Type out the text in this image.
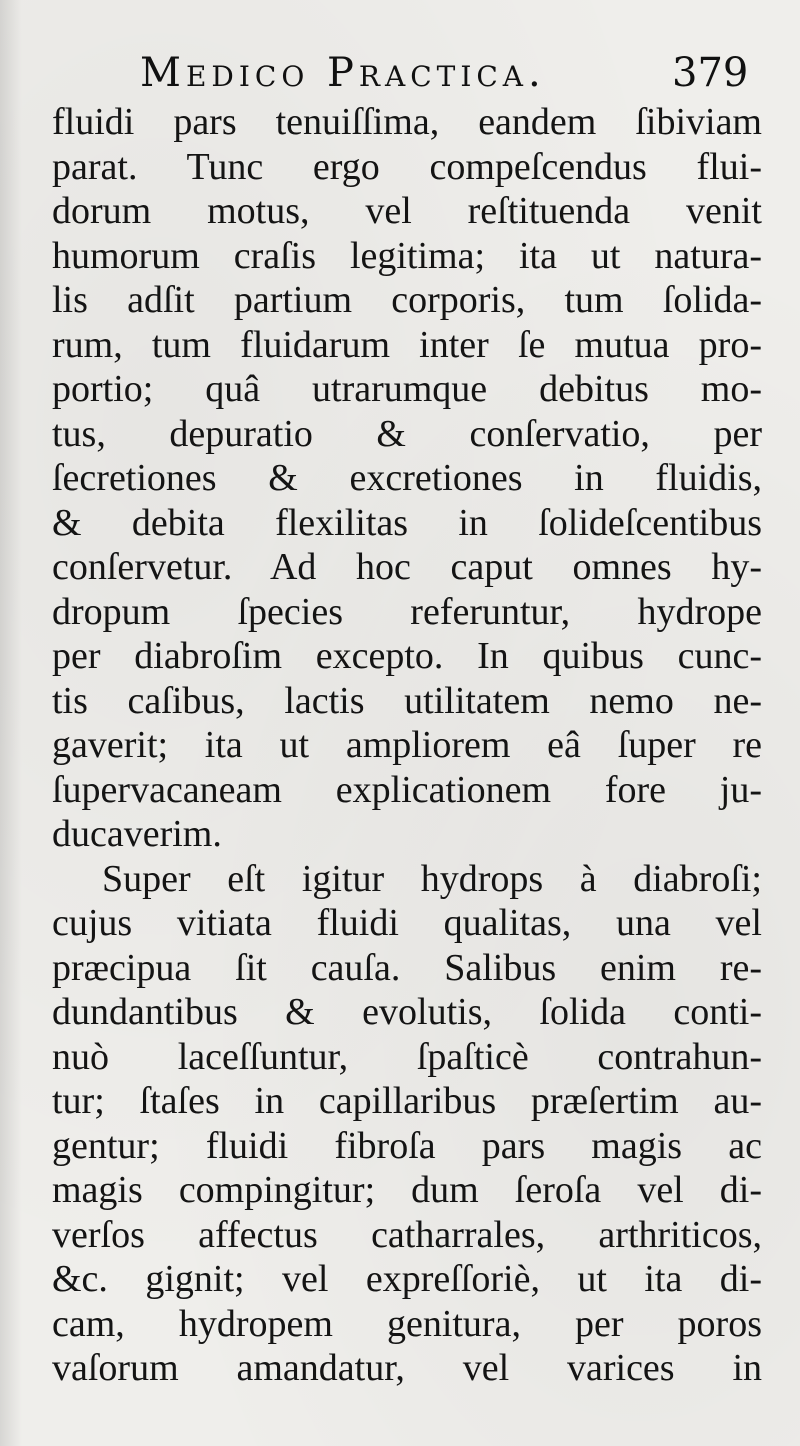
Medico Practica.	379
fluidi pars tenuiſſima, eandem ſibiviam
parat. Tunc ergo compeſcendus flui-
dorum motus, vel reſtituenda venit
humorum craſis legitima; ita ut natura-
lis adſit partium corporis, tum ſolida-
rum, tum fluidarum inter ſe mutua pro-
portio; quâ utrarumque debitus mo-
tus, depuratio & conſervatio, per
ſecretiones & excretiones in fluidis,
& debita flexilitas in ſolideſcentibus
conſervetur. Ad hoc caput omnes hy-
dropum ſpecies referuntur, hydrope
per diabroſim excepto. In quibus cunc-
tis caſibus, lactis utilitatem nemo ne-
gaverit; ita ut ampliorem eâ ſuper re
ſupervacaneam explicationem fore ju-
ducaverim.
Super eſt igitur hydrops à diabroſi;
cujus vitiata fluidi qualitas, una vel
præcipua ſit cauſa. Salibus enim re-
dundantibus & evolutis, ſolida conti-
nuò laceſſuntur, ſpaſticè contrahun-
tur; ſtaſes in capillaribus præſertim au-
gentur; fluidi fibroſa pars magis ac
magis compingitur; dum ſeroſa vel di-
verſos affectus catharrales, arthriticos,
&c. gignit; vel expreſſoriè, ut ita di-
cam, hydropem genitura, per poros
vaſorum amandatur, vel varices in
